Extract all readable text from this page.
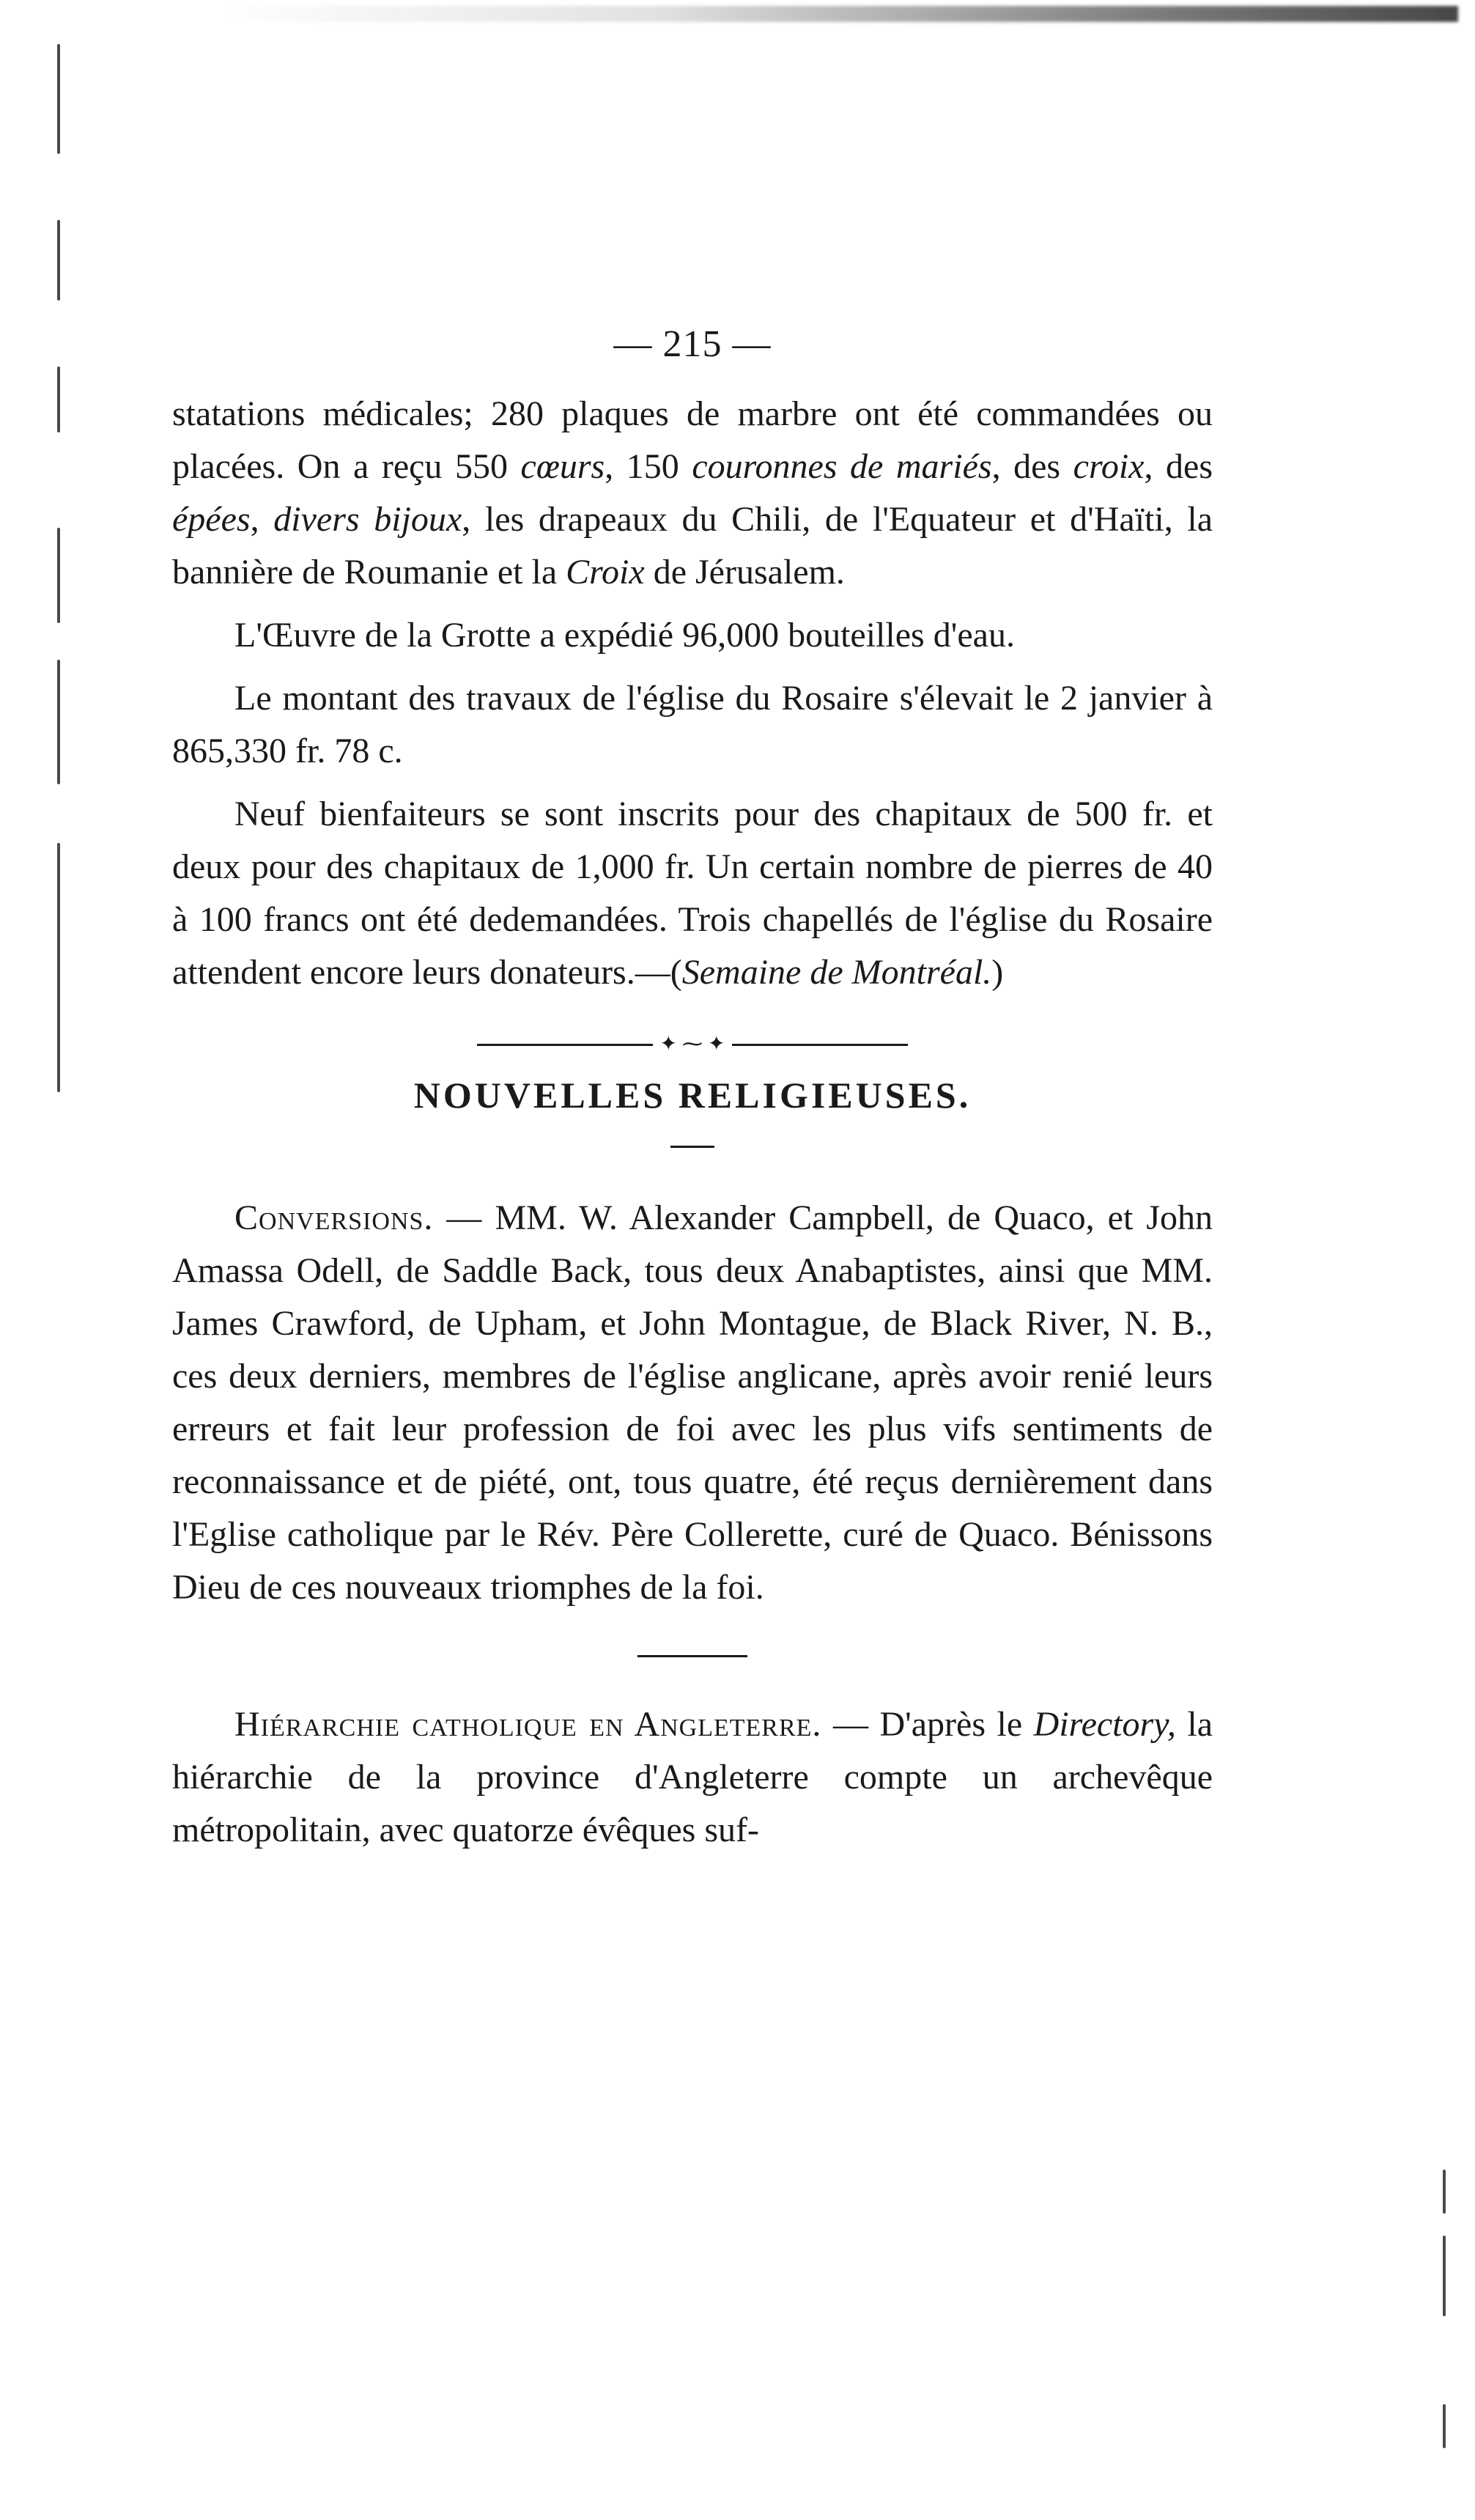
— 215 —

statations médicales; 280 plaques de marbre ont été commandées ou placées. On a reçu 550 cœurs, 150 couronnes de mariés, des croix, des épées, divers bijoux, les drapeaux du Chili, de l'Equateur et d'Haïti, la bannière de Roumanie et la Croix de Jérusalem.

L'Œuvre de la Grotte a expédié 96,000 bouteilles d'eau.

Le montant des travaux de l'église du Rosaire s'élevait le 2 janvier à 865,330 fr. 78 c.

Neuf bienfaiteurs se sont inscrits pour des chapitaux de 500 fr. et deux pour des chapitaux de 1,000 fr. Un certain nombre de pierres de 40 à 100 francs ont été dedemandées. Trois chapellés de l'église du Rosaire attendent encore leurs donateurs.—(Semaine de Montréal.)

✦ ⁓ ✦
NOUVELLES RELIGIEUSES.

Conversions. — MM. W. Alexander Campbell, de Quaco, et John Amassa Odell, de Saddle Back, tous deux Anabaptistes, ainsi que MM. James Crawford, de Upham, et John Montague, de Black River, N. B., ces deux derniers, membres de l'église anglicane, après avoir renié leurs erreurs et fait leur profession de foi avec les plus vifs sentiments de reconnaissance et de piété, ont, tous quatre, été reçus dernièrement dans l'Eglise catholique par le Rév. Père Collerette, curé de Quaco. Bénissons Dieu de ces nouveaux triomphes de la foi.

Hiérarchie catholique en Angleterre. — D'après le Directory, la hiérarchie de la province d'Angleterre compte un archevêque métropolitain, avec quatorze évêques suf-
